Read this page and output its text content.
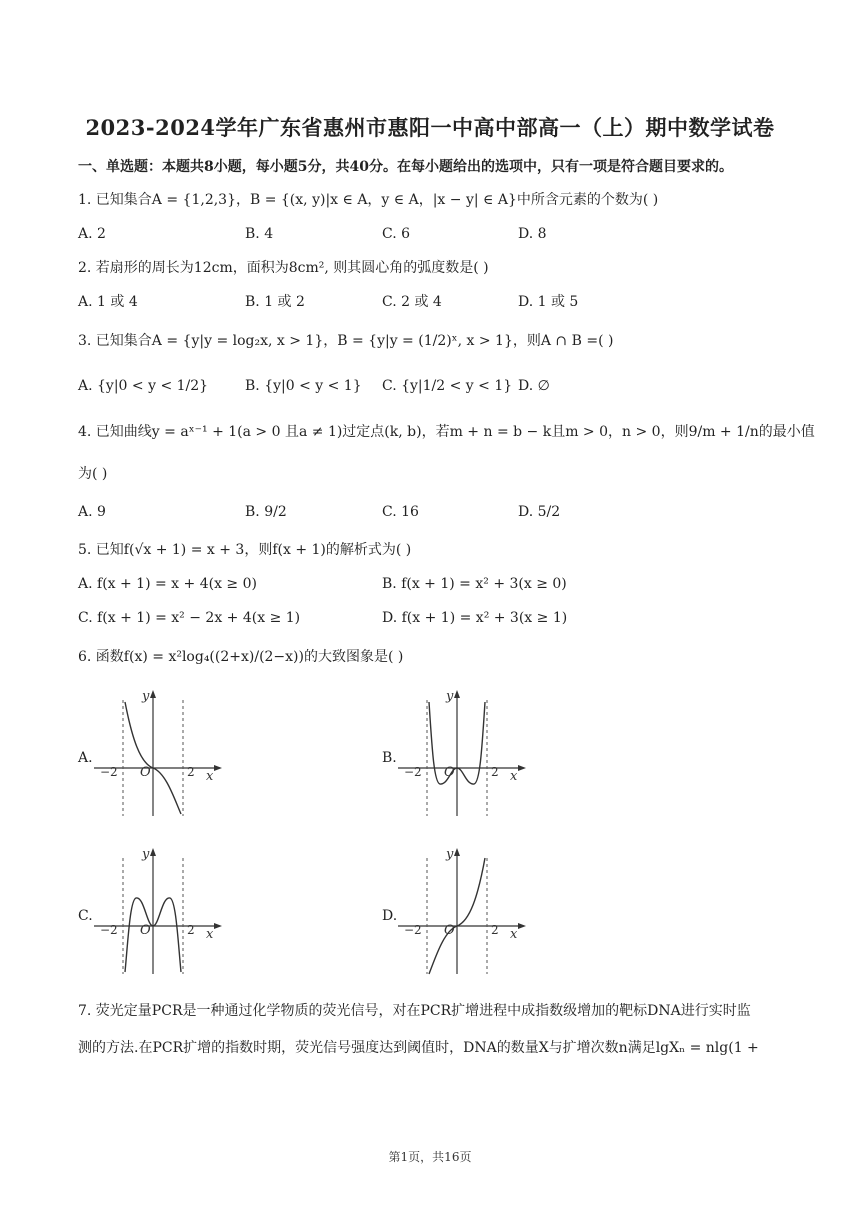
2023-2024学年广东省惠州市惠阳一中高中部高一（上）期中数学试卷
一、单选题：本题共8小题，每小题5分，共40分。在每小题给出的选项中，只有一项是符合题目要求的。
1. 已知集合A = {1,2,3}，B = {(x, y)|x ∈ A，y ∈ A，|x − y| ∈ A}中所含元素的个数为( )
A. 2	B. 4	C. 6	D. 8
2. 若扇形的周长为12cm，面积为8cm², 则其圆心角的弧度数是( )
A. 1 或 4	B. 1 或 2	C. 2 或 4	D. 1 或 5
3. 已知集合A = {y|y = log₂x, x > 1}，B = {y|y = (1/2)ˣ, x > 1}，则A ∩ B =( )
A. {y|0 < y < 1/2}	B. {y|0 < y < 1} C. {y|1/2 < y < 1} D. ∅
4. 已知曲线y = aˣ⁻¹ + 1(a > 0 且a ≠ 1)过定点(k, b)，若m + n = b − k且m > 0，n > 0，则9/m + 1/n的最小值
为( )
A. 9	B. 9/2	C. 16	D. 5/2
5. 已知f(√x + 1) = x + 3，则f(x + 1)的解析式为( )
A. f(x + 1) = x + 4(x ≥ 0)	B. f(x + 1) = x² + 3(x ≥ 0)
C. f(x + 1) = x² − 2x + 4(x ≥ 1)	D. f(x + 1) = x² + 3(x ≥ 1)
6. 函数f(x) = x²log₄((2+x)/(2−x))的大致图象是( )
A.	B.
C.	D.
O
y
x
−2	2	O
y
x
−2	2
O
y
x
−2	2	O
y
x
−2	2
7. 荧光定量PCR是一种通过化学物质的荧光信号，对在PCR扩增进程中成指数级增加的靶标DNA进行实时监
测的方法.在PCR扩增的指数时期，荧光信号强度达到阈值时，DNA的数量X与扩增次数n满足lgXₙ = nlg(1 +
第1页，共16页
